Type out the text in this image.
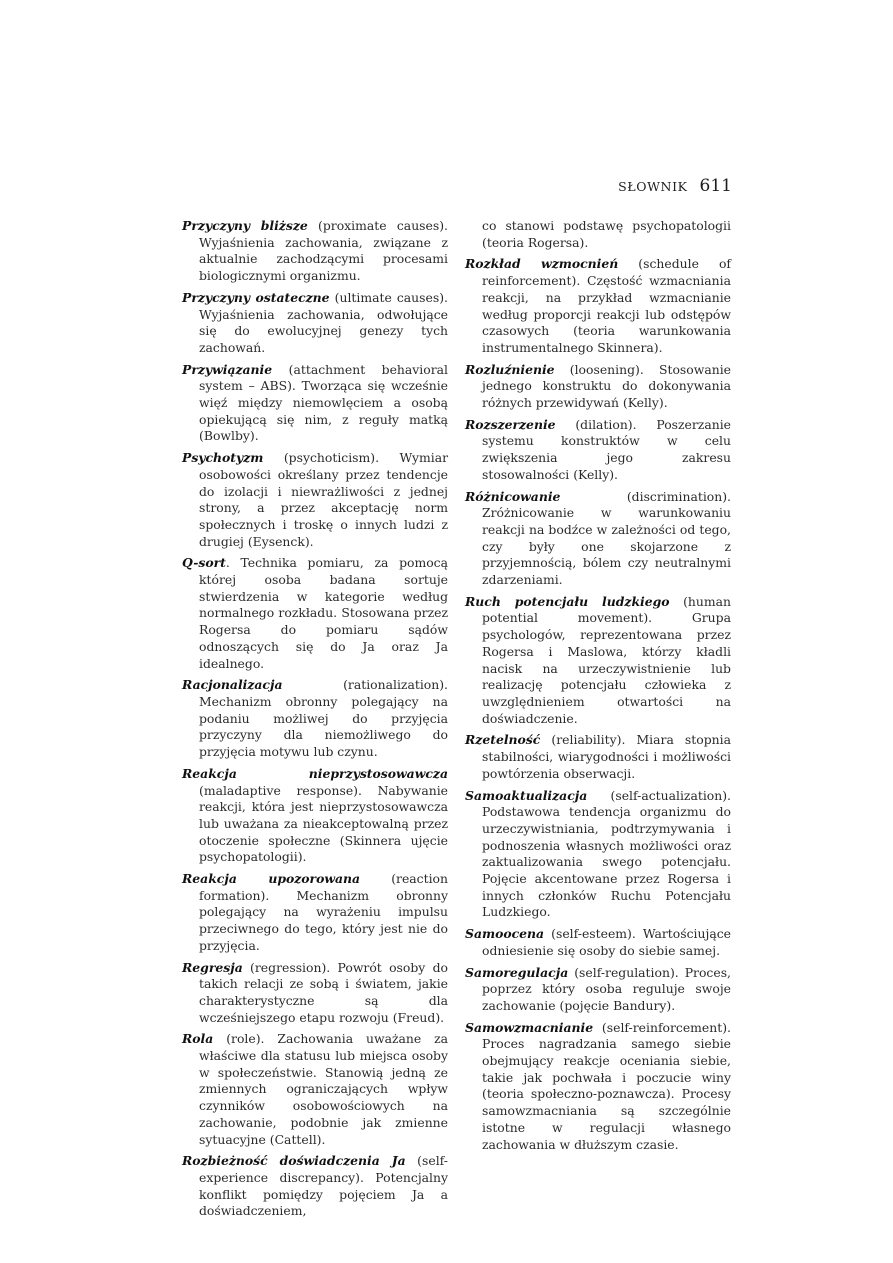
SŁOWNIK 611

Przyczyny bliższe (proximate causes). Wyjaśnienia zachowania, związane z aktualnie zachodzącymi procesami biologicznymi organizmu.

Przyczyny ostateczne (ultimate causes). Wyjaśnienia zachowania, odwołujące się do ewolucyjnej genezy tych zachowań.

Przywiązanie (attachment behavioral system – ABS). Tworząca się wcześnie więź między niemowlęciem a osobą opiekującą się nim, z reguły matką (Bowlby).

Psychotyzm (psychoticism). Wymiar osobowości określany przez tendencje do izolacji i niewrażliwości z jednej strony, a przez akceptację norm społecznych i troskę o innych ludzi z drugiej (Eysenck).

Q-sort. Technika pomiaru, za pomocą której osoba badana sortuje stwierdzenia w kategorie według normalnego rozkładu. Stosowana przez Rogersa do pomiaru sądów odnoszących się do Ja oraz Ja idealnego.

Racjonalizacja (rationalization). Mechanizm obronny polegający na podaniu możliwej do przyjęcia przyczyny dla niemożliwego do przyjęcia motywu lub czynu.

Reakcja nieprzystosowawcza (maladaptive response). Nabywanie reakcji, która jest nieprzystosowawcza lub uważana za nieakceptowalną przez otoczenie społeczne (Skinnera ujęcie psychopatologii).

Reakcja upozorowana (reaction formation). Mechanizm obronny polegający na wyrażeniu impulsu przeciwnego do tego, który jest nie do przyjęcia.

Regresja (regression). Powrót osoby do takich relacji ze sobą i światem, jakie charakterystyczne są dla wcześniejszego etapu rozwoju (Freud).

Rola (role). Zachowania uważane za właściwe dla statusu lub miejsca osoby w społeczeństwie. Stanowią jedną ze zmiennych ograniczających wpływ czynników osobowościowych na zachowanie, podobnie jak zmienne sytuacyjne (Cattell).

Rozbieżność doświadczenia Ja (self-experience discrepancy). Potencjalny konflikt pomiędzy pojęciem Ja a doświadczeniem,

co stanowi podstawę psychopatologii (teoria Rogersa).

Rozkład wzmocnień (schedule of reinforcement). Częstość wzmacniania reakcji, na przykład wzmacnianie według proporcji reakcji lub odstępów czasowych (teoria warunkowania instrumentalnego Skinnera).

Rozluźnienie (loosening). Stosowanie jednego konstruktu do dokonywania różnych przewidywań (Kelly).

Rozszerzenie (dilation). Poszerzanie systemu konstruktów w celu zwiększenia jego zakresu stosowalności (Kelly).

Różnicowanie (discrimination). Zróżnicowanie w warunkowaniu reakcji na bodźce w zależności od tego, czy były one skojarzone z przyjemnością, bólem czy neutralnymi zdarzeniami.

Ruch potencjału ludzkiego (human potential movement). Grupa psychologów, reprezentowana przez Rogersa i Maslowa, którzy kładli nacisk na urzeczywistnienie lub realizację potencjału człowieka z uwzględnieniem otwartości na doświadczenie.

Rzetelność (reliability). Miara stopnia stabilności, wiarygodności i możliwości powtórzenia obserwacji.

Samoaktualizacja (self-actualization). Podstawowa tendencja organizmu do urzeczywistniania, podtrzymywania i podnoszenia własnych możliwości oraz zaktualizowania swego potencjału. Pojęcie akcentowane przez Rogersa i innych członków Ruchu Potencjału Ludzkiego.

Samoocena (self-esteem). Wartościujące odniesienie się osoby do siebie samej.

Samoregulacja (self-regulation). Proces, poprzez który osoba reguluje swoje zachowanie (pojęcie Bandury).

Samowzmacnianie (self-reinforcement). Proces nagradzania samego siebie obejmujący reakcje oceniania siebie, takie jak pochwała i poczucie winy (teoria społeczno-poznawcza). Procesy samowzmacniania są szczególnie istotne w regulacji własnego zachowania w dłuższym czasie.
